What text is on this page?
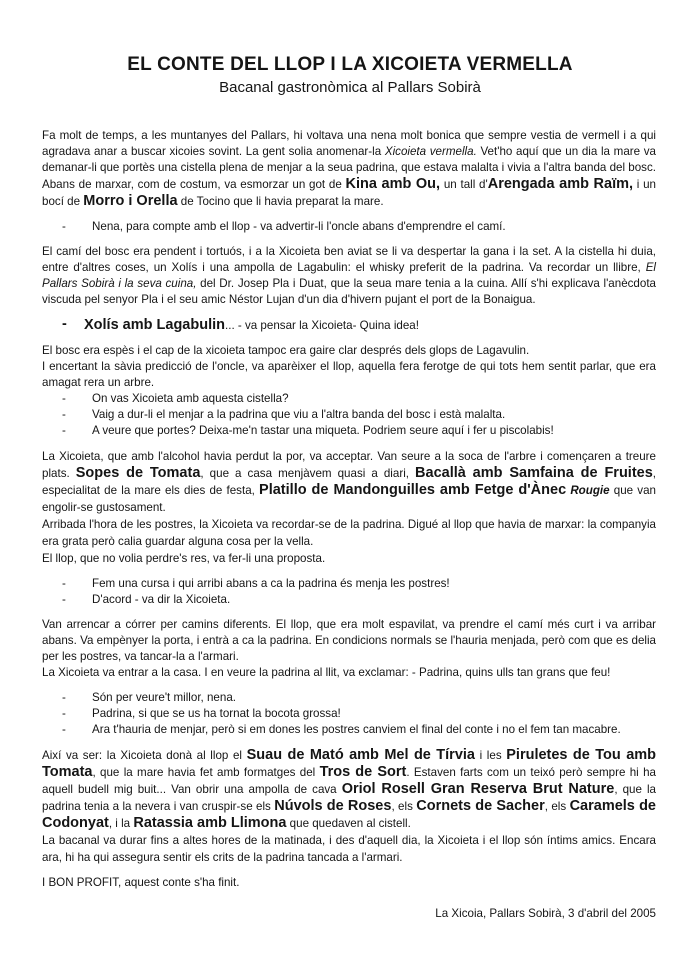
EL CONTE DEL LLOP I LA XICOIETA VERMELLA
Bacanal gastronòmica al Pallars Sobirà

Fa molt de temps, a les muntanyes del Pallars, hi voltava una nena molt bonica que sempre vestia de vermell i a qui agradava anar a buscar xicoies sovint. La gent solia anomenar-la Xicoieta vermella. Vet'ho aquí que un dia la mare va demanar-li que portès una cistella plena de menjar a la seua padrina, que estava malalta i vivia a l'altra banda del bosc. Abans de marxar, com de costum, va esmorzar un got de Kina amb Ou, un tall d'Arengada amb Raïm, i un bocí de Morro i Orella de Tocino que li havia preparat la mare.

- Nena, para compte amb el llop - va advertir-li l'oncle abans d'emprendre el camí.

El camí del bosc era pendent i tortuós, i a la Xicoieta ben aviat se li va despertar la gana i la set. A la cistella hi duia, entre d'altres coses, un Xolís i una ampolla de Lagabulin: el whisky preferit de la padrina. Va recordar un llibre, El Pallars Sobirà i la seva cuina, del Dr. Josep Pla i Duat, que la seua mare tenia a la cuina. Allí s'hi explicava l'anècdota viscuda pel senyor Pla i el seu amic Néstor Lujan d'un dia d'hivern pujant el port de la Bonaigua.

- Xolís amb Lagabulin... - va pensar la Xicoieta- Quina idea!

El bosc era espès i el cap de la xicoieta tampoc era gaire clar després dels glops de Lagavulin.
I encertant la sàvia predicció de l'oncle, va aparèixer el llop, aquella fera ferotge de qui tots hem sentit parlar, que era amagat rera un arbre.

- On vas Xicoieta amb aquesta cistella?
- Vaig a dur-li el menjar a la padrina que viu a l'altra banda del bosc i està malalta.
- A veure que portes? Deixa-me'n tastar una miqueta. Podriem seure aquí i fer u piscolabis!

La Xicoieta, que amb l'alcohol havia perdut la por, va acceptar. Van seure a la soca de l'arbre i començaren a treure plats. Sopes de Tomata, que a casa menjàvem quasi a diari, Bacallà amb Samfaina de Fruites, especialitat de la mare els dies de festa, Platillo de Mandonguilles amb Fetge d'Ànec Rougie que van engolir-se gustosament.
Arribada l'hora de les postres, la Xicoieta va recordar-se de la padrina. Digué al llop que havia de marxar: la companyia era grata però calia guardar alguna cosa per la vella.
El llop, que no volia perdre's res, va fer-li una proposta.

- Fem una cursa i qui arribi abans a ca la padrina és menja les postres!
- D'acord - va dir la Xicoieta.

Van arrencar a córrer per camins diferents. El llop, que era molt espavilat, va prendre el camí més curt i va arribar abans. Va empènyer la porta, i entrà a ca la padrina. En condicions normals se l'hauria menjada, però com que es delia per les postres, va tancar-la a l'armari.
La Xicoieta va entrar a la casa. I en veure la padrina al llit, va exclamar: - Padrina, quins ulls tan grans que feu!

- Són per veure't millor, nena.
- Padrina, si que se us ha tornat la bocota grossa!
- Ara t'hauria de menjar, però si em dones les postres canviem el final del conte i no el fem tan macabre.

Així va ser: la Xicoieta donà al llop el Suau de Mató amb Mel de Tírvia i les Piruletes de Tou amb Tomata, que la mare havia fet amb formatges del Tros de Sort. Estaven farts com un teixó però sempre hi ha aquell budell mig buit... Van obrir una ampolla de cava Oriol Rosell Gran Reserva Brut Nature, que la padrina tenia a la nevera i van cruspir-se els Núvols de Roses, els Cornets de Sacher, els Caramels de Codonyat, i la Ratassia amb Llimona que quedaven al cistell.
La bacanal va durar fins a altes hores de la matinada, i des d'aquell dia, la Xicoieta i el llop són íntims amics. Encara ara, hi ha qui assegura sentir els crits de la padrina tancada a l'armari.

I BON PROFIT, aquest conte s'ha finit.

La Xicoia, Pallars Sobirà, 3 d'abril del 2005
